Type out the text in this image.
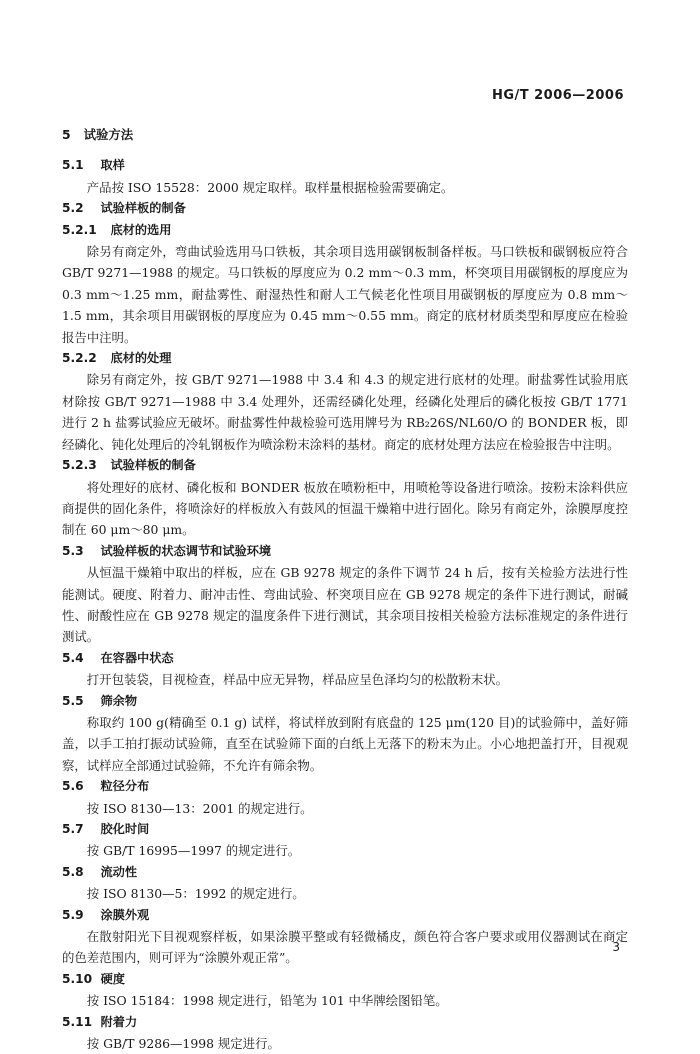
HG/T 2006—2006
5 试验方法
5.1 取样
产品按 ISO 15528：2000 规定取样。取样量根据检验需要确定。
5.2 试验样板的制备
5.2.1 底材的选用
除另有商定外，弯曲试验选用马口铁板，其余项目选用碳钢板制备样板。马口铁板和碳钢板应符合 GB/T 9271—1988 的规定。马口铁板的厚度应为 0.2 mm～0.3 mm，杯突项目用碳钢板的厚度应为 0.3 mm～1.25 mm，耐盐雾性、耐湿热性和耐人工气候老化性项目用碳钢板的厚度应为 0.8 mm～1.5 mm，其余项目用碳钢板的厚度应为 0.45 mm～0.55 mm。商定的底材材质类型和厚度应在检验报告中注明。
5.2.2 底材的处理
除另有商定外，按 GB/T 9271—1988 中 3.4 和 4.3 的规定进行底材的处理。耐盐雾性试验用底材除按 GB/T 9271—1988 中 3.4 处理外，还需经磷化处理，经磷化处理后的磷化板按 GB/T 1771 进行 2 h 盐雾试验应无破坏。耐盐雾性仲裁检验可选用牌号为 RB₂26S/NL60/O 的 BONDER 板，即经磷化、钝化处理后的冷轧钢板作为喷涂粉末涂料的基材。商定的底材处理方法应在检验报告中注明。
5.2.3 试验样板的制备
将处理好的底材、磷化板和 BONDER 板放在喷粉柜中，用喷枪等设备进行喷涂。按粉末涂料供应商提供的固化条件，将喷涂好的样板放入有鼓风的恒温干燥箱中进行固化。除另有商定外，涂膜厚度控制在 60 μm～80 μm。
5.3 试验样板的状态调节和试验环境
从恒温干燥箱中取出的样板，应在 GB 9278 规定的条件下调节 24 h 后，按有关检验方法进行性能测试。硬度、附着力、耐冲击性、弯曲试验、杯突项目应在 GB 9278 规定的条件下进行测试，耐碱性、耐酸性应在 GB 9278 规定的温度条件下进行测试，其余项目按相关检验方法标准规定的条件进行测试。
5.4 在容器中状态
打开包装袋，目视检查，样品中应无异物，样品应呈色泽均匀的松散粉末状。
5.5 筛余物
称取约 100 g(精确至 0.1 g) 试样，将试样放到附有底盘的 125 μm(120 目)的试验筛中，盖好筛盖，以手工拍打振动试验筛，直至在试验筛下面的白纸上无落下的粉末为止。小心地把盖打开，目视观察，试样应全部通过试验筛，不允许有筛余物。
5.6 粒径分布
按 ISO 8130—13：2001 的规定进行。
5.7 胶化时间
按 GB/T 16995—1997 的规定进行。
5.8 流动性
按 ISO 8130—5：1992 的规定进行。
5.9 涂膜外观
在散射阳光下目视观察样板，如果涂膜平整或有轻微橘皮，颜色符合客户要求或用仪器测试在商定的色差范围内，则可评为“涂膜外观正常”。
5.10 硬度
按 ISO 15184：1998 规定进行，铅笔为 101 中华牌绘图铅笔。
5.11 附着力
按 GB/T 9286—1998 规定进行。
3
